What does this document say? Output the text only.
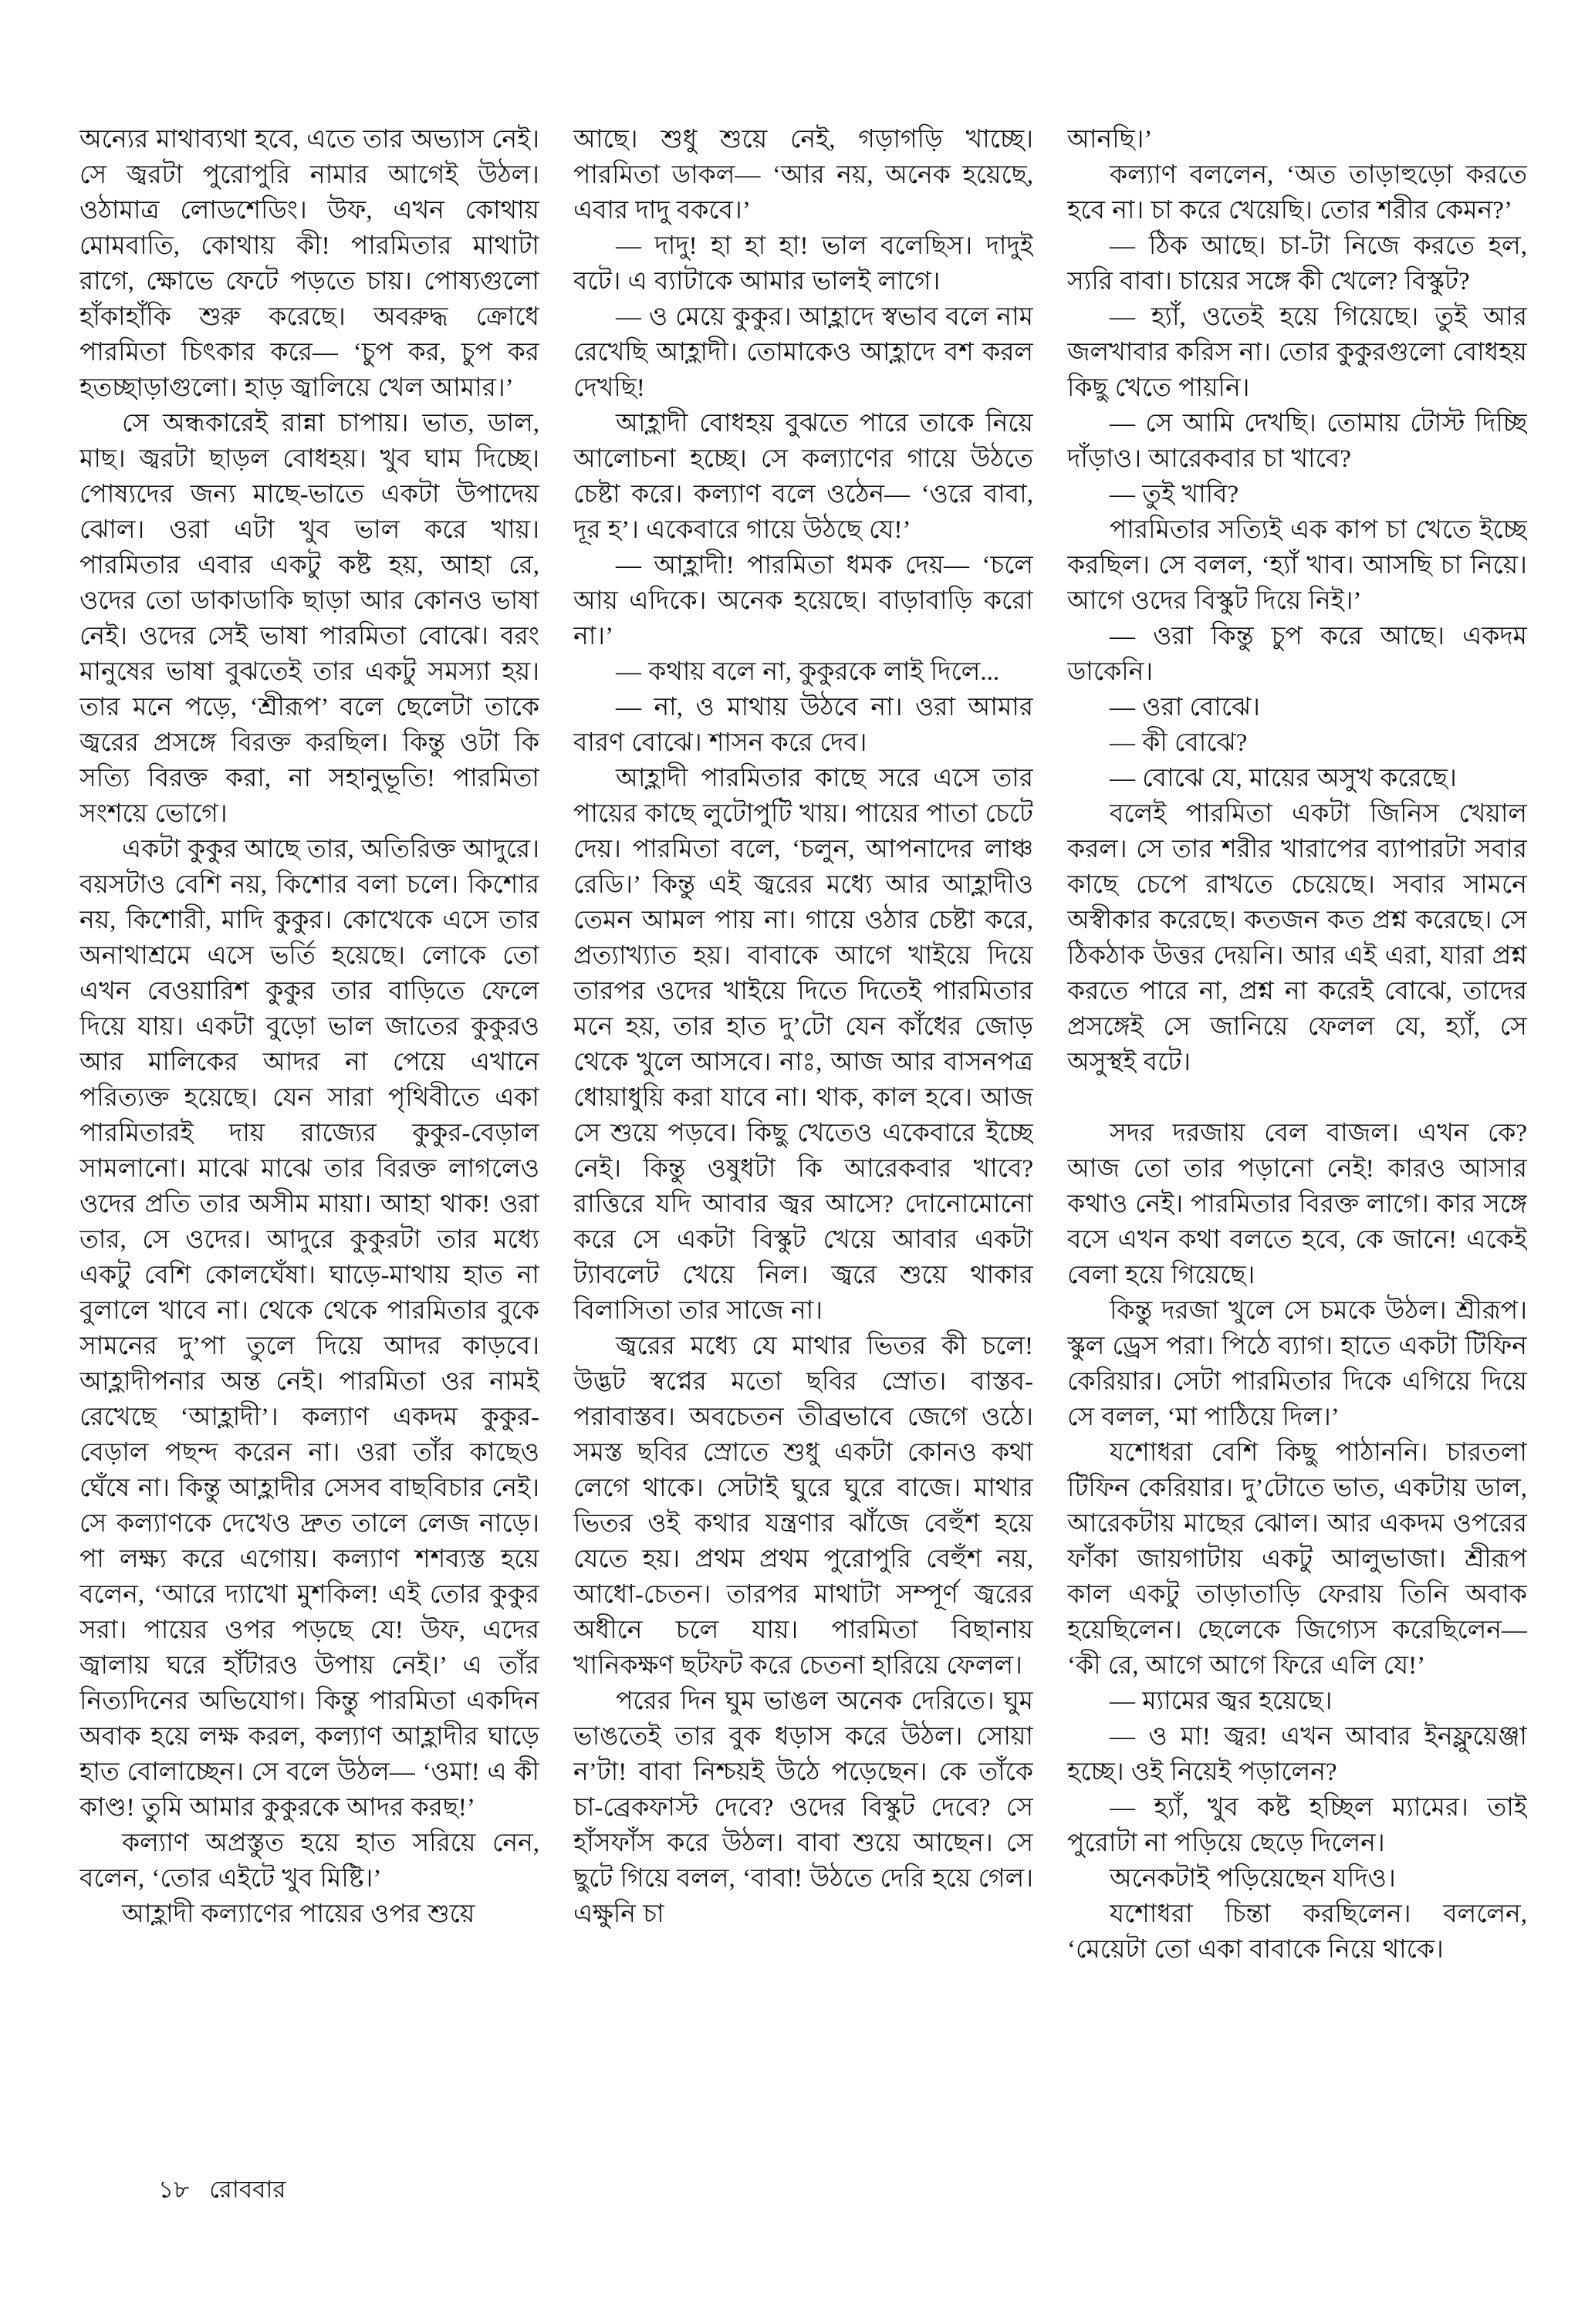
অন্যের মাথাব্যথা হবে, এতে তার অভ্যাস নেই। সে জ্বরটা পুরোপুরি নামার আগেই উঠল। ওঠামাত্র লোডশেডিং। উফ, এখন কোথায় মোমবাতি, কোথায় কী! পারমিতার মাথাটা রাগে, ক্ষোভে ফেটে পড়তে চায়। পোষ্যগুলো হাঁকাহাঁকি শুরু করেছে। অবরুদ্ধ ক্রোধে পারমিতা চিৎকার করে— ‘চুপ কর, চুপ কর হতচ্ছাড়াগুলো। হাড় জ্বালিয়ে খেল আমার।’

সে অন্ধকারেই রান্না চাপায়। ভাত, ডাল, মাছ। জ্বরটা ছাড়ল বোধহয়। খুব ঘাম দিচ্ছে। পোষ্যদের জন্য মাছে-ভাতে একটা উপাদেয় ঝোল। ওরা এটা খুব ভাল করে খায়। পারমিতার এবার একটু কষ্ট হয়, আহা রে, ওদের তো ডাকাডাকি ছাড়া আর কোনও ভাষা নেই। ওদের সেই ভাষা পারমিতা বোঝে। বরং মানুষের ভাষা বুঝতেই তার একটু সমস্যা হয়। তার মনে পড়ে, ‘শ্রীরূপ’ বলে ছেলেটা তাকে জ্বরের প্রসঙ্গে বিরক্ত করছিল। কিন্তু ওটা কি সত্যি বিরক্ত করা, না সহানুভূতি! পারমিতা সংশয়ে ভোগে।

একটা কুকুর আছে তার, অতিরিক্ত আদুরে। বয়সটাও বেশি নয়, কিশোর বলা চলে। কিশোর নয়, কিশোরী, মাদি কুকুর। কোখেকে এসে তার অনাথাশ্রমে এসে ভর্তি হয়েছে। লোকে তো এখন বেওয়ারিশ কুকুর তার বাড়িতে ফেলে দিয়ে যায়। একটা বুড়ো ভাল জাতের কুকুরও আর মালিকের আদর না পেয়ে এখানে পরিত্যক্ত হয়েছে। যেন সারা পৃথিবীতে একা পারমিতারই দায় রাজ্যের কুকুর-বেড়াল সামলানো। মাঝে মাঝে তার বিরক্ত লাগলেও ওদের প্রতি তার অসীম মায়া। আহা থাক! ওরা তার, সে ওদের। আদুরে কুকুরটা তার মধ্যে একটু বেশি কোলঘেঁষা। ঘাড়ে-মাথায় হাত না বুলালে খাবে না। থেকে থেকে পারমিতার বুকে সামনের দু’পা তুলে দিয়ে আদর কাড়বে। আহ্লাদীপনার অন্ত নেই। পারমিতা ওর নামই রেখেছে ‘আহ্লাদী’। কল্যাণ একদম কুকুর-বেড়াল পছন্দ করেন না। ওরা তাঁর কাছেও ঘেঁষে না। কিন্তু আহ্লাদীর সেসব বাছবিচার নেই। সে কল্যাণকে দেখেও দ্রুত তালে লেজ নাড়ে। পা লক্ষ্য করে এগোয়। কল্যাণ শশব্যস্ত হয়ে বলেন, ‘আরে দ্যাখো মুশকিল! এই তোর কুকুর সরা। পায়ের ওপর পড়ছে যে! উফ, এদের জ্বালায় ঘরে হাঁটারও উপায় নেই।’ এ তাঁর নিত্যদিনের অভিযোগ। কিন্তু পারমিতা একদিন অবাক হয়ে লক্ষ করল, কল্যাণ আহ্লাদীর ঘাড়ে হাত বোলাচ্ছেন। সে বলে উঠল— ‘ওমা! এ কী কাণ্ড! তুমি আমার কুকুরকে আদর করছ!’

কল্যাণ অপ্রস্তুত হয়ে হাত সরিয়ে নেন, বলেন, ‘তোর এইটে খুব মিষ্টি।’

আহ্লাদী কল্যাণের পায়ের ওপর শুয়ে

আছে। শুধু শুয়ে নেই, গড়াগড়ি খাচ্ছে। পারমিতা ডাকল— ‘আর নয়, অনেক হয়েছে, এবার দাদু বকবে।’

— দাদু! হা হা হা! ভাল বলেছিস। দাদুই বটে। এ ব্যাটাকে আমার ভালই লাগে।

— ও মেয়ে কুকুর। আহ্লাদে স্বভাব বলে নাম রেখেছি আহ্লাদী। তোমাকেও আহ্লাদে বশ করল দেখছি!

আহ্লাদী বোধহয় বুঝতে পারে তাকে নিয়ে আলোচনা হচ্ছে। সে কল্যাণের গায়ে উঠতে চেষ্টা করে। কল্যাণ বলে ওঠেন— ‘ওরে বাবা, দূর হ’। একেবারে গায়ে উঠছে যে!’

— আহ্লাদী! পারমিতা ধমক দেয়— ‘চলে আয় এদিকে। অনেক হয়েছে। বাড়াবাড়ি করো না।’

— কথায় বলে না, কুকুরকে লাই দিলে...

— না, ও মাথায় উঠবে না। ওরা আমার বারণ বোঝে। শাসন করে দেব।

আহ্লাদী পারমিতার কাছে সরে এসে তার পায়ের কাছে লুটোপুটি খায়। পায়ের পাতা চেটে দেয়। পারমিতা বলে, ‘চলুন, আপনাদের লাঞ্চ রেডি।’ কিন্তু এই জ্বরের মধ্যে আর আহ্লাদীও তেমন আমল পায় না। গায়ে ওঠার চেষ্টা করে, প্রত্যাখ্যাত হয়। বাবাকে আগে খাইয়ে দিয়ে তারপর ওদের খাইয়ে দিতে দিতেই পারমিতার মনে হয়, তার হাত দু’টো যেন কাঁধের জোড় থেকে খুলে আসবে। নাঃ, আজ আর বাসনপত্র ধোয়াধুয়ি করা যাবে না। থাক, কাল হবে। আজ সে শুয়ে পড়বে। কিছু খেতেও একেবারে ইচ্ছে নেই। কিন্তু ওষুধটা কি আরেকবার খাবে? রাত্তিরে যদি আবার জ্বর আসে? দোনোমোনো করে সে একটা বিস্কুট খেয়ে আবার একটা ট্যাবলেট খেয়ে নিল। জ্বরে শুয়ে থাকার বিলাসিতা তার সাজে না।

জ্বরের মধ্যে যে মাথার ভিতর কী চলে! উদ্ভট স্বপ্নের মতো ছবির স্রোত। বাস্তব-পরাবাস্তব। অবচেতন তীব্রভাবে জেগে ওঠে। সমস্ত ছবির স্রোতে শুধু একটা কোনও কথা লেগে থাকে। সেটাই ঘুরে ঘুরে বাজে। মাথার ভিতর ওই কথার যন্ত্রণার ঝাঁজে বেহুঁশ হয়ে যেতে হয়। প্রথম প্রথম পুরোপুরি বেহুঁশ নয়, আধো-চেতন। তারপর মাথাটা সম্পূর্ণ জ্বরের অধীনে চলে যায়। পারমিতা বিছানায় খানিকক্ষণ ছটফট করে চেতনা হারিয়ে ফেলল।

পরের দিন ঘুম ভাঙল অনেক দেরিতে। ঘুম ভাঙতেই তার বুক ধড়াস করে উঠল। সোয়া ন’টা! বাবা নিশ্চয়ই উঠে পড়েছেন। কে তাঁকে চা-ব্রেকফাস্ট দেবে? ওদের বিস্কুট দেবে? সে হাঁসফাঁস করে উঠল। বাবা শুয়ে আছেন। সে ছুটে গিয়ে বলল, ‘বাবা! উঠতে দেরি হয়ে গেল। এক্ষুনি চা

আনছি।’

কল্যাণ বললেন, ‘অত তাড়াহুড়ো করতে হবে না। চা করে খেয়েছি। তোর শরীর কেমন?’

— ঠিক আছে। চা-টা নিজে করতে হল, স্যরি বাবা। চায়ের সঙ্গে কী খেলে? বিস্কুট?

— হ্যাঁ, ওতেই হয়ে গিয়েছে। তুই আর জলখাবার করিস না। তোর কুকুরগুলো বোধহয় কিছু খেতে পায়নি।

— সে আমি দেখছি। তোমায় টোস্ট দিচ্ছি দাঁড়াও। আরেকবার চা খাবে?

— তুই খাবি?

পারমিতার সত্যিই এক কাপ চা খেতে ইচ্ছে করছিল। সে বলল, ‘হ্যাঁ খাব। আসছি চা নিয়ে। আগে ওদের বিস্কুট দিয়ে নিই।’

— ওরা কিন্তু চুপ করে আছে। একদম ডাকেনি।

— ওরা বোঝে।

— কী বোঝে?

— বোঝে যে, মায়ের অসুখ করেছে।

বলেই পারমিতা একটা জিনিস খেয়াল করল। সে তার শরীর খারাপের ব্যাপারটা সবার কাছে চেপে রাখতে চেয়েছে। সবার সামনে অস্বীকার করেছে। কতজন কত প্রশ্ন করেছে। সে ঠিকঠাক উত্তর দেয়নি। আর এই এরা, যারা প্রশ্ন করতে পারে না, প্রশ্ন না করেই বোঝে, তাদের প্রসঙ্গেই সে জানিয়ে ফেলল যে, হ্যাঁ, সে অসুস্থই বটে।

সদর দরজায় বেল বাজল। এখন কে? আজ তো তার পড়ানো নেই! কারও আসার কথাও নেই। পারমিতার বিরক্ত লাগে। কার সঙ্গে বসে এখন কথা বলতে হবে, কে জানে! একেই বেলা হয়ে গিয়েছে।

কিন্তু দরজা খুলে সে চমকে উঠল। শ্রীরূপ। স্কুল ড্রেস পরা। পিঠে ব্যাগ। হাতে একটা টিফিন কেরিয়ার। সেটা পারমিতার দিকে এগিয়ে দিয়ে সে বলল, ‘মা পাঠিয়ে দিল।’

যশোধরা বেশি কিছু পাঠাননি। চারতলা টিফিন কেরিয়ার। দু’টোতে ভাত, একটায় ডাল, আরেকটায় মাছের ঝোল। আর একদম ওপরের ফাঁকা জায়গাটায় একটু আলুভাজা। শ্রীরূপ কাল একটু তাড়াতাড়ি ফেরায় তিনি অবাক হয়েছিলেন। ছেলেকে জিগ্যেস করেছিলেন— ‘কী রে, আগে আগে ফিরে এলি যে!’

— ম্যামের জ্বর হয়েছে।

— ও মা! জ্বর! এখন আবার ইনফ্লুয়েঞ্জা হচ্ছে। ওই নিয়েই পড়ালেন?

— হ্যাঁ, খুব কষ্ট হচ্ছিল ম্যামের। তাই পুরোটা না পড়িয়ে ছেড়ে দিলেন।

অনেকটাই পড়িয়েছেন যদিও।

যশোধরা চিন্তা করছিলেন। বললেন, ‘মেয়েটা তো একা বাবাকে নিয়ে থাকে।

১৮ রোববার
